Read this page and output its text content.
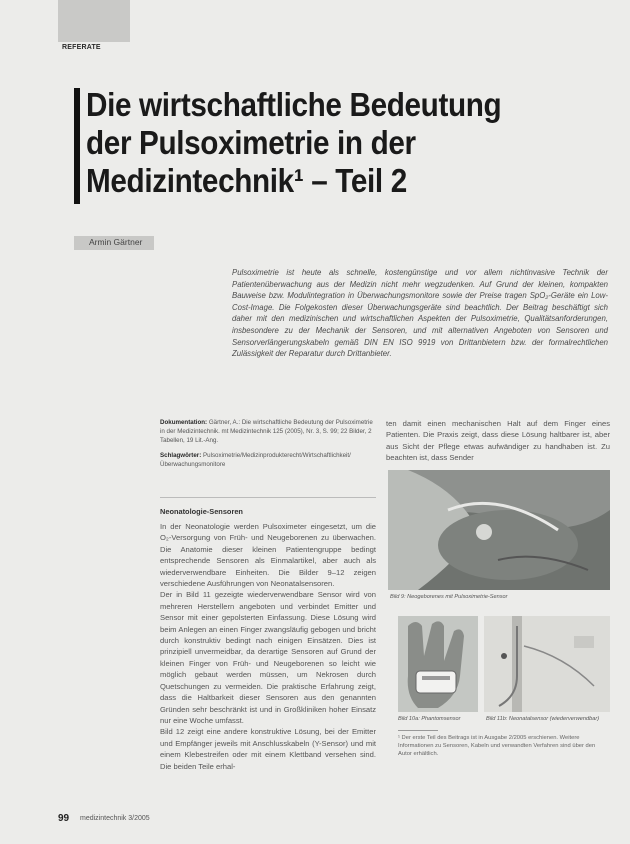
REFERATE
Die wirtschaftliche Bedeutung
der Pulsoximetrie in der
Medizintechnik¹ – Teil 2
Armin Gärtner
Pulsoximetrie ist heute als schnelle, kostengünstige und vor allem nichtinvasive Technik der Patientenüberwachung aus der Medizin nicht mehr wegzudenken. Auf Grund der kleinen, kompakten Bauweise bzw. Modulintegration in Überwachungsmonitore sowie der Preise tragen SpO₂-Geräte ein Low-Cost-Image. Die Folgekosten dieser Überwachungsgeräte sind beachtlich. Der Beitrag beschäftigt sich daher mit den medizinischen und wirtschaftlichen Aspekten der Pulsoximetrie, Qualitätsanforderungen, insbesondere zu der Mechanik der Sensoren, und mit alternativen Angeboten von Sensoren und Sensorverlängerungskabeln gemäß DIN EN ISO 9919 von Drittanbietern bzw. der formalrechtlichen Zulässigkeit der Reparatur durch Drittanbieter.
Dokumentation: Gärtner, A.: Die wirtschaftliche Bedeutung der Pulsoximetrie in der Medizintechnik. mt Medizintechnik 125 (2005), Nr. 3, S. 99; 22 Bilder, 2 Tabellen, 19 Lit.-Ang.
Schlagwörter: Pulsoximetrie/Medizinprodukterecht/Wirtschaftlichkeit/Überwachungsmonitore
Neonatologie-Sensoren

In der Neonatologie werden Pulsoximeter eingesetzt, um die O₂-Versorgung von Früh- und Neugeborenen zu überwachen. Die Anatomie dieser kleinen Patientengruppe bedingt entsprechende Sensoren als Einmalartikel, aber auch als wiederverwendbare Einheiten. Die Bilder 9–12 zeigen verschiedene Ausführungen von Neonatalsensoren.

Der in Bild 11 gezeigte wiederverwendbare Sensor wird von mehreren Herstellern angeboten und verbindet Emitter und Sensor mit einer gepolsterten Einfassung. Diese Lösung wird beim Anlegen an einen Finger zwangsläufig gebogen und bricht durch konstruktiv bedingt nach einigen Einsätzen. Dies ist prinzipiell unvermeidbar, da derartige Sensoren auf Grund der kleinen Finger von Früh- und Neugeborenen so leicht wie möglich gebaut werden müssen, um Nekrosen durch Quetschungen zu vermeiden. Die praktische Erfahrung zeigt, dass die Haltbarkeit dieser Sensoren aus den genannten Gründen sehr beschränkt ist und in Großkliniken hoher Einsatz nur eine Woche umfasst.

Bild 12 zeigt eine andere konstruktive Lösung, bei der Emitter und Empfänger jeweils mit Anschlusskabeln (Y-Sensor) und mit einem Klebestreifen oder mit einem Klettband versehen sind. Die beiden Teile erhal-

ten damit einen mechanischen Halt auf dem Finger eines Patienten. Die Praxis zeigt, dass diese Lösung haltbarer ist, aber aus Sicht der Pflege etwas aufwändiger zu handhaben ist. Zu beachten ist, dass Sender
Bild 9: Neogeborenes mit Pulsoximetrie-Sensor
Bild 10a: Phantomsensor	Bild 11b: Neonatalsensor (wiederverwendbar)
¹ Der erste Teil des Beitrags ist in Ausgabe 2/2005 erschienen. Weitere Informationen zu Sensoren, Kabeln und verwandten Verfahren sind über den Autor erhältlich.
99 medizintechnik 3/2005
